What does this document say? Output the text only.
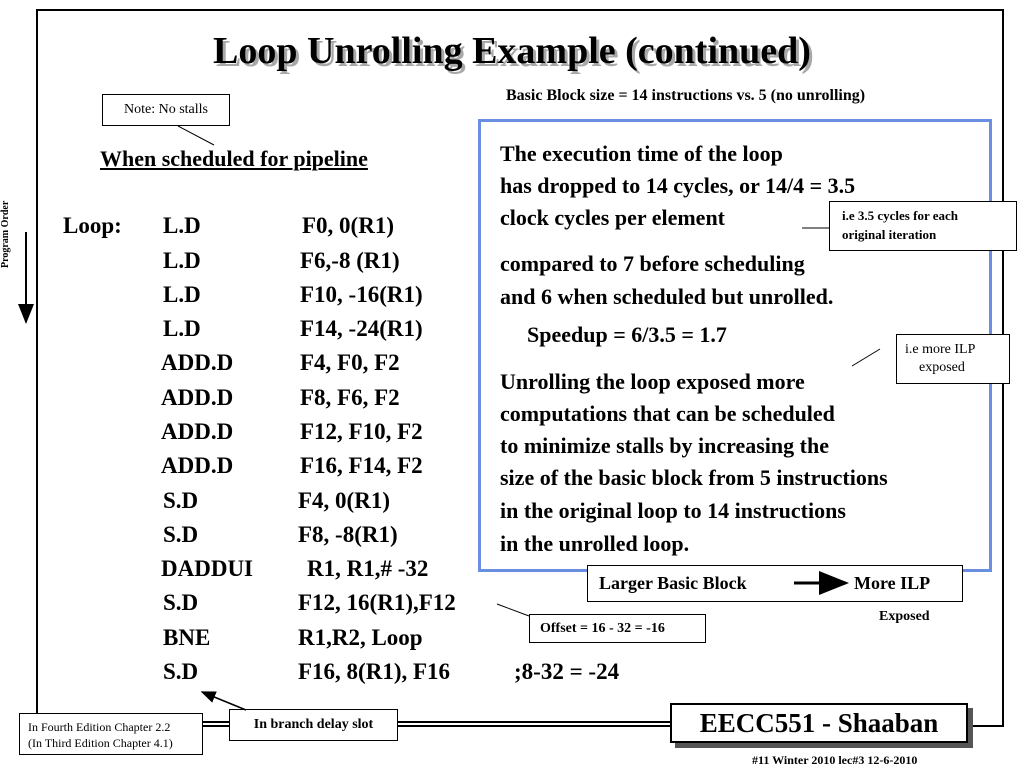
Loop Unrolling Example (continued)
Note: No stalls
When scheduled for pipeline
Basic Block size = 14 instructions vs. 5 (no unrolling)
Program Order Loop: L.D	F0, 0(R1)
L.D	F6,-8 (R1)
L.D	F10, -16(R1)
L.D	F14, -24(R1)
ADD.D	F4, F0, F2
ADD.D	F8, F6, F2
ADD.D	F12, F10, F2
ADD.D	F16, F14, F2
S.D	F4, 0(R1)
S.D	F8, -8(R1)
DADDUI R1, R1,# -32
S.D	F12, 16(R1),F12
BNE	R1,R2, Loop
S.D	F16, 8(R1), F16	;8-32 = -24
The execution time of the loop
has dropped to 14 cycles, or 14/4 = 3.5
clock cycles per element
compared to 7 before scheduling
and 6 when scheduled but unrolled.
Speedup = 6/3.5 = 1.7
Unrolling the loop exposed more
computations that can be scheduled
to minimize stalls by increasing the
size of the basic block from 5 instructions
in the original loop to 14 instructions
in the unrolled loop.
i.e 3.5 cycles for each
original iteration
i.e more ILP
exposed
Larger Basic Block	More ILP
Exposed
Offset = 16 - 32 = -16
In branch delay slot
In Fourth Edition Chapter 2.2
(In Third Edition Chapter 4.1)
EECC551 - Shaaban
#11 Winter 2010 lec#3 12-6-2010
